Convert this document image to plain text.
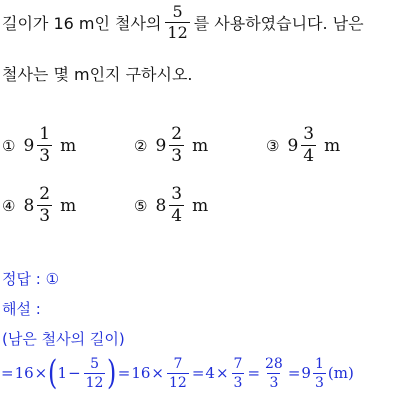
길이가 16 m인 철사의 $\frac{5}{12}$ 를 사용하였습니다. 남은
철사는 몇 m인지 구하시오.
① $9 \frac{1}{3}$ m	② $9 \frac{2}{3}$ m	③ $9 \frac{3}{4}$ m
④ $8 \frac{2}{3}$ m	⑤ $8 \frac{3}{4}$ m
정답 : ①
해설 :
(남은 철사의 길이)
= 16 × ( $1 - \frac{5}{12}$ ) = $16 \times \frac{7}{12} = 4 \times \frac{7}{3} = \frac{28}{3} = 9 \frac{1}{3} (m)$
